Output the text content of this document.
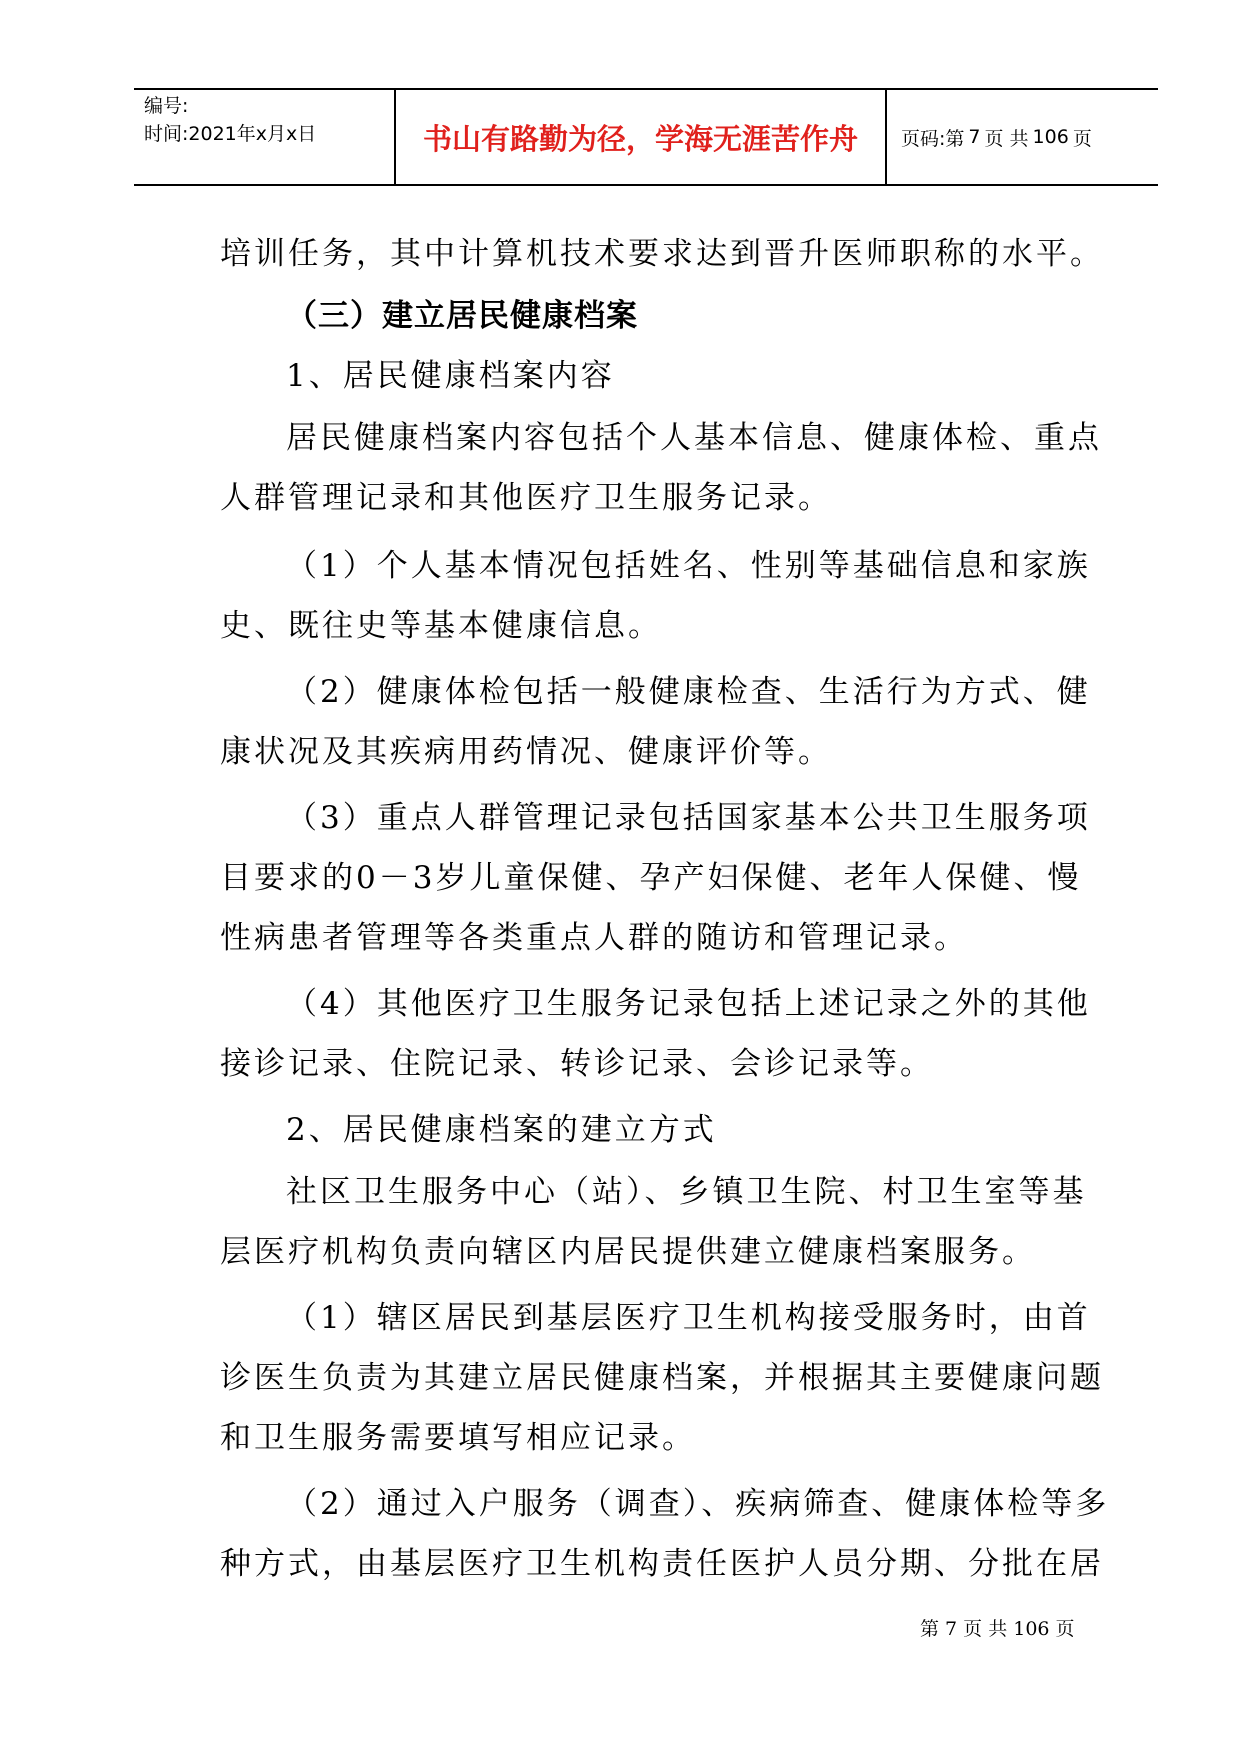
编号:
时间:2021年x月x日	书山有路勤为径，学海无涯苦作舟	页码:第 7 页 共 106 页
培训任务，其中计算机技术要求达到晋升医师职称的水平。
（三）建立居民健康档案
1、居民健康档案内容
居民健康档案内容包括个人基本信息、健康体检、重点
人群管理记录和其他医疗卫生服务记录。
（1）个人基本情况包括姓名、性别等基础信息和家族
史、既往史等基本健康信息。
（2）健康体检包括一般健康检查、生活行为方式、健
康状况及其疾病用药情况、健康评价等。
（3）重点人群管理记录包括国家基本公共卫生服务项
目要求的0－3岁儿童保健、孕产妇保健、老年人保健、慢
性病患者管理等各类重点人群的随访和管理记录。
（4）其他医疗卫生服务记录包括上述记录之外的其他
接诊记录、住院记录、转诊记录、会诊记录等。
2、居民健康档案的建立方式
社区卫生服务中心（站）、乡镇卫生院、村卫生室等基
层医疗机构负责向辖区内居民提供建立健康档案服务。
（1）辖区居民到基层医疗卫生机构接受服务时，由首
诊医生负责为其建立居民健康档案，并根据其主要健康问题
和卫生服务需要填写相应记录。
（2）通过入户服务（调查）、疾病筛查、健康体检等多
种方式，由基层医疗卫生机构责任医护人员分期、分批在居
第 7 页 共 106 页
